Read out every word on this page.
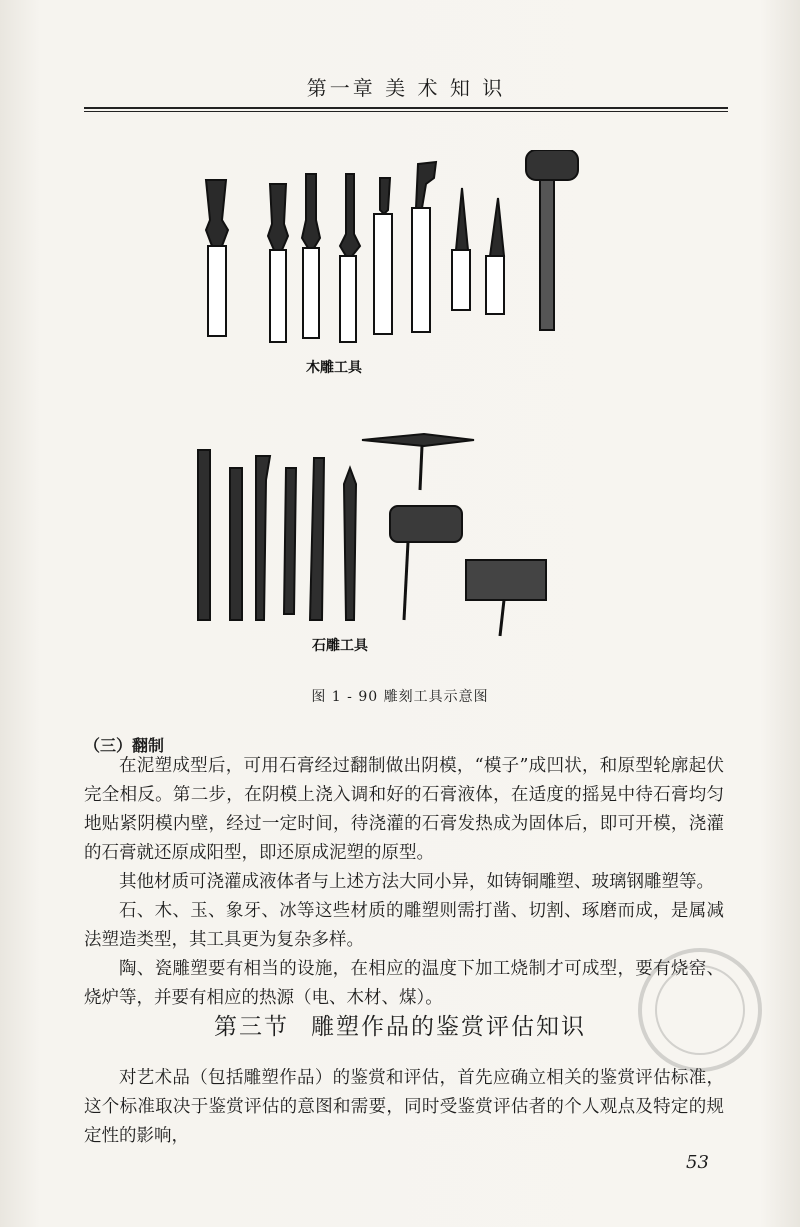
第一章 美 术 知 识
木雕工具
石雕工具
图 1 - 90 雕刻工具示意图
（三）翻制

在泥塑成型后，可用石膏经过翻制做出阴模，“模子”成凹状，和原型轮廓起伏完全相反。第二步，在阴模上浇入调和好的石膏液体，在适度的摇晃中待石膏均匀地贴紧阴模内壁，经过一定时间，待浇灌的石膏发热成为固体后，即可开模，浇灌的石膏就还原成阳型，即还原成泥塑的原型。

其他材质可浇灌成液体者与上述方法大同小异，如铸铜雕塑、玻璃钢雕塑等。

石、木、玉、象牙、冰等这些材质的雕塑则需打凿、切割、琢磨而成，是属减法塑造类型，其工具更为复杂多样。

陶、瓷雕塑要有相当的设施，在相应的温度下加工烧制才可成型，要有烧窑、烧炉等，并要有相应的热源（电、木材、煤）。

第三节 雕塑作品的鉴赏评估知识

对艺术品（包括雕塑作品）的鉴赏和评估，首先应确立相关的鉴赏评估标准，这个标准取决于鉴赏评估的意图和需要，同时受鉴赏评估者的个人观点及特定的规定性的影响，

53
